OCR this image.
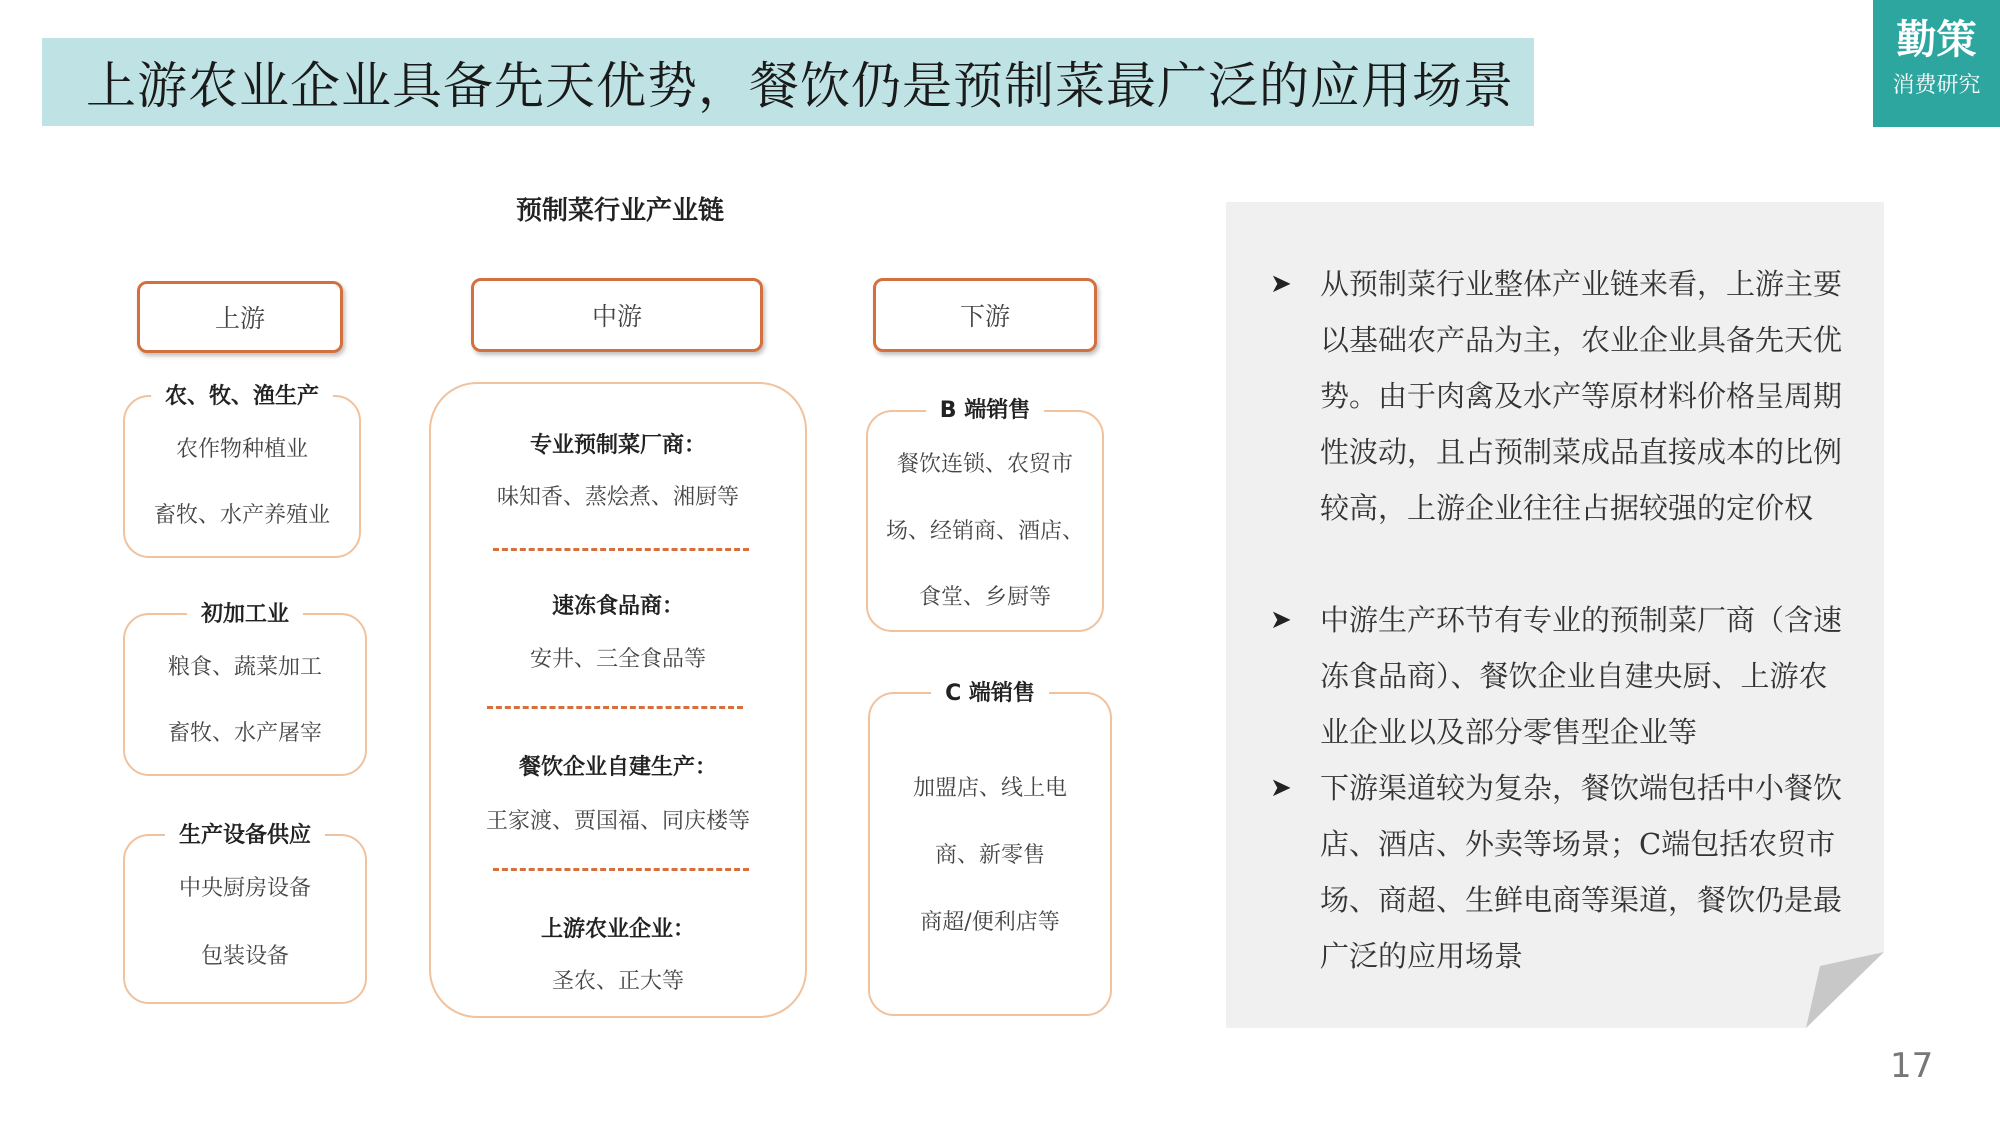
上游农业企业具备先天优势，餐饮仍是预制菜最广泛的应用场景
勤策
消费研究
预制菜行业产业链
上游	中游	下游
农、牧、渔生产
农作物种植业
畜牧、水产养殖业
初加工业
粮食、蔬菜加工
畜牧、水产屠宰
生产设备供应
中央厨房设备
包装设备
专业预制菜厂商：
味知香、蒸烩煮、湘厨等
速冻食品商：
安井、三全食品等
餐饮企业自建生产：
王家渡、贾国福、同庆楼等
上游农业企业：
圣农、正大等
B 端销售
餐饮连锁、农贸市
场、经销商、酒店、
食堂、乡厨等
C 端销售
加盟店、线上电
商、新零售
商超/便利店等
➤ 从预制菜行业整体产业链来看，上游主要以基础农产品为主，农业企业具备先天优势。由于肉禽及水产等原材料价格呈周期性波动，且占预制菜成品直接成本的比例较高，上游企业往往占据较强的定价权
➤ 中游生产环节有专业的预制菜厂商（含速冻食品商）、餐饮企业自建央厨、上游农业企业以及部分零售型企业等
➤ 下游渠道较为复杂，餐饮端包括中小餐饮店、酒店、外卖等场景；C端包括农贸市场、商超、生鲜电商等渠道，餐饮仍是最广泛的应用场景
17
